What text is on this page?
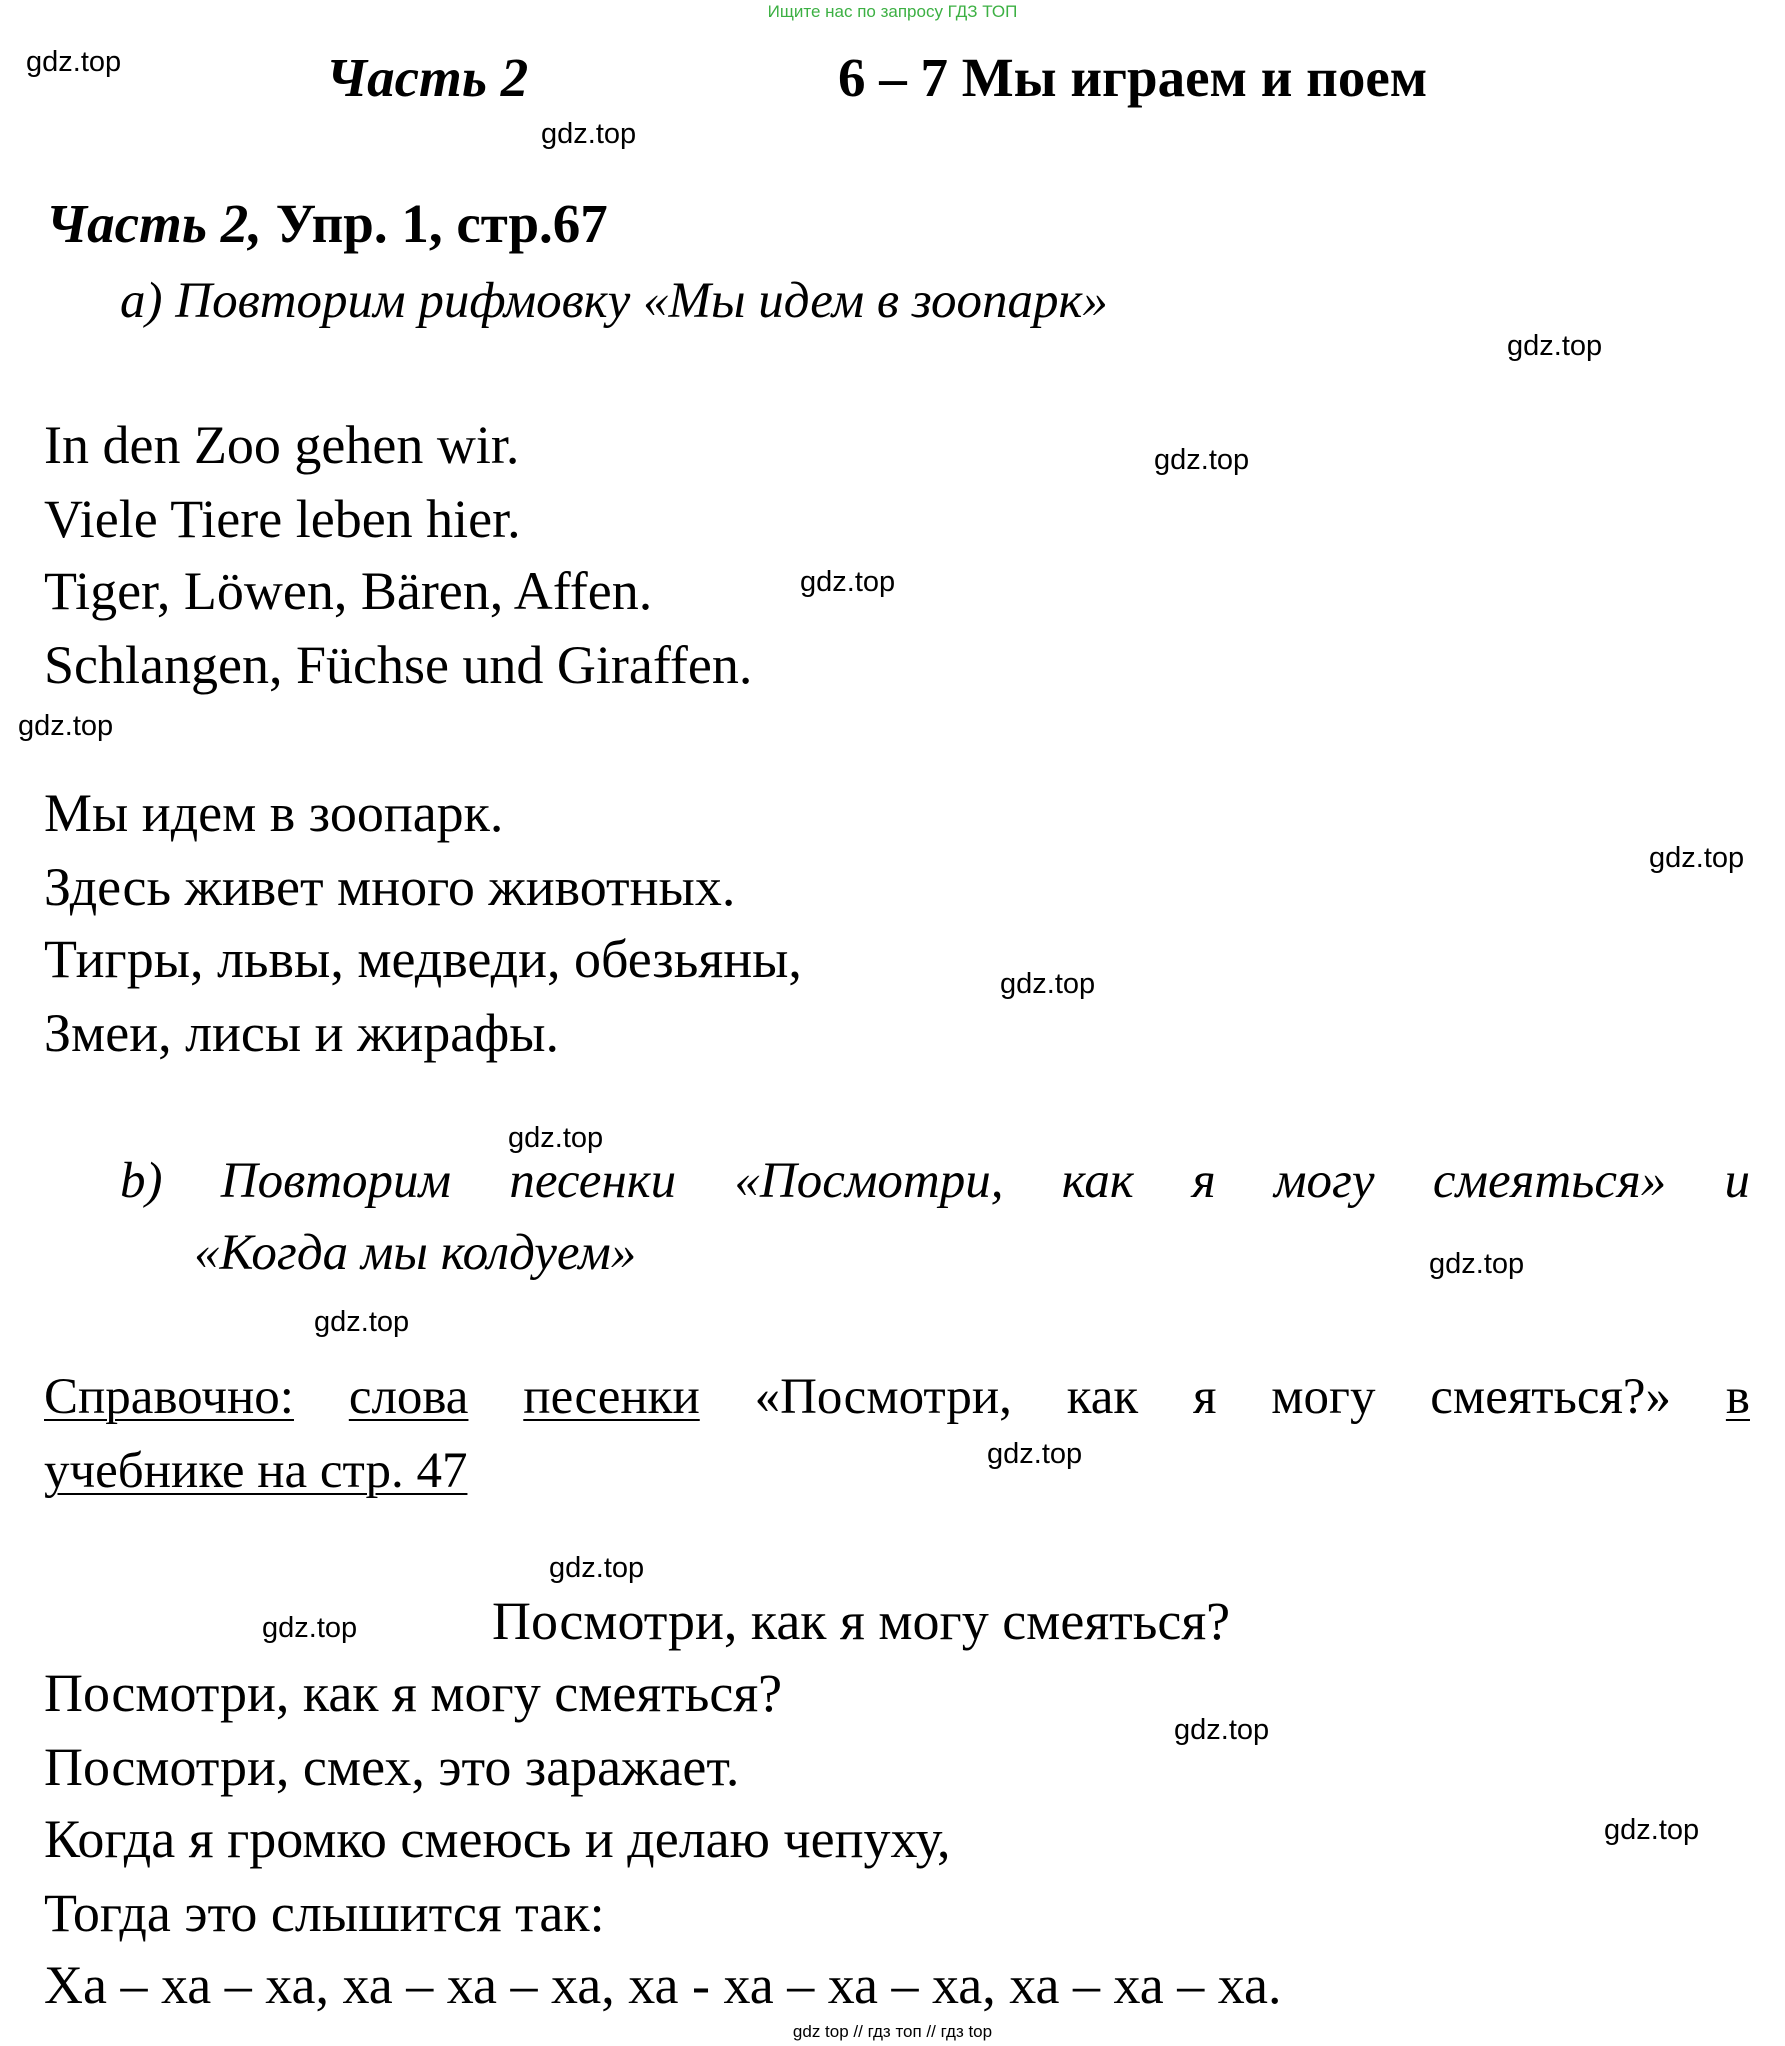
Ищите нас по запросу ГДЗ ТОП
gdz.top
gdz.top
gdz.top
gdz.top
gdz.top
gdz.top
gdz.top
gdz.top
gdz.top
gdz.top
gdz.top
gdz.top
gdz.top
gdz.top
gdz.top
gdz.top
Часть 2	6 – 7 Мы играем и поем
Часть 2, Упр. 1, стр.67
a) Повторим рифмовку «Мы идем в зоопарк»
In den Zoo gehen wir.
Viele Tiere leben hier.
Tiger, Löwen, Bären, Affen.
Schlangen, Füchse und Giraffen.
Мы идем в зоопарк.
Здесь живет много животных.
Тигры, львы, медведи, обезьяны,
Змеи, лисы и жирафы.
b) Повторим песенки «Посмотри, как я могу смеяться» и
«Когда мы колдуем»
Справочно: слова песенки «Посмотри, как я могу смеяться?» в
учебнике на стр. 47
Посмотри, как я могу смеяться?
Посмотри, как я могу смеяться?
Посмотри, смех, это заражает.
Когда я громко смеюсь и делаю чепуху,
Тогда это слышится так:
Ха – ха – ха, ха – ха – ха, ха - ха – ха – ха, ха – ха – ха.
gdz top // гдз топ // гдз top
